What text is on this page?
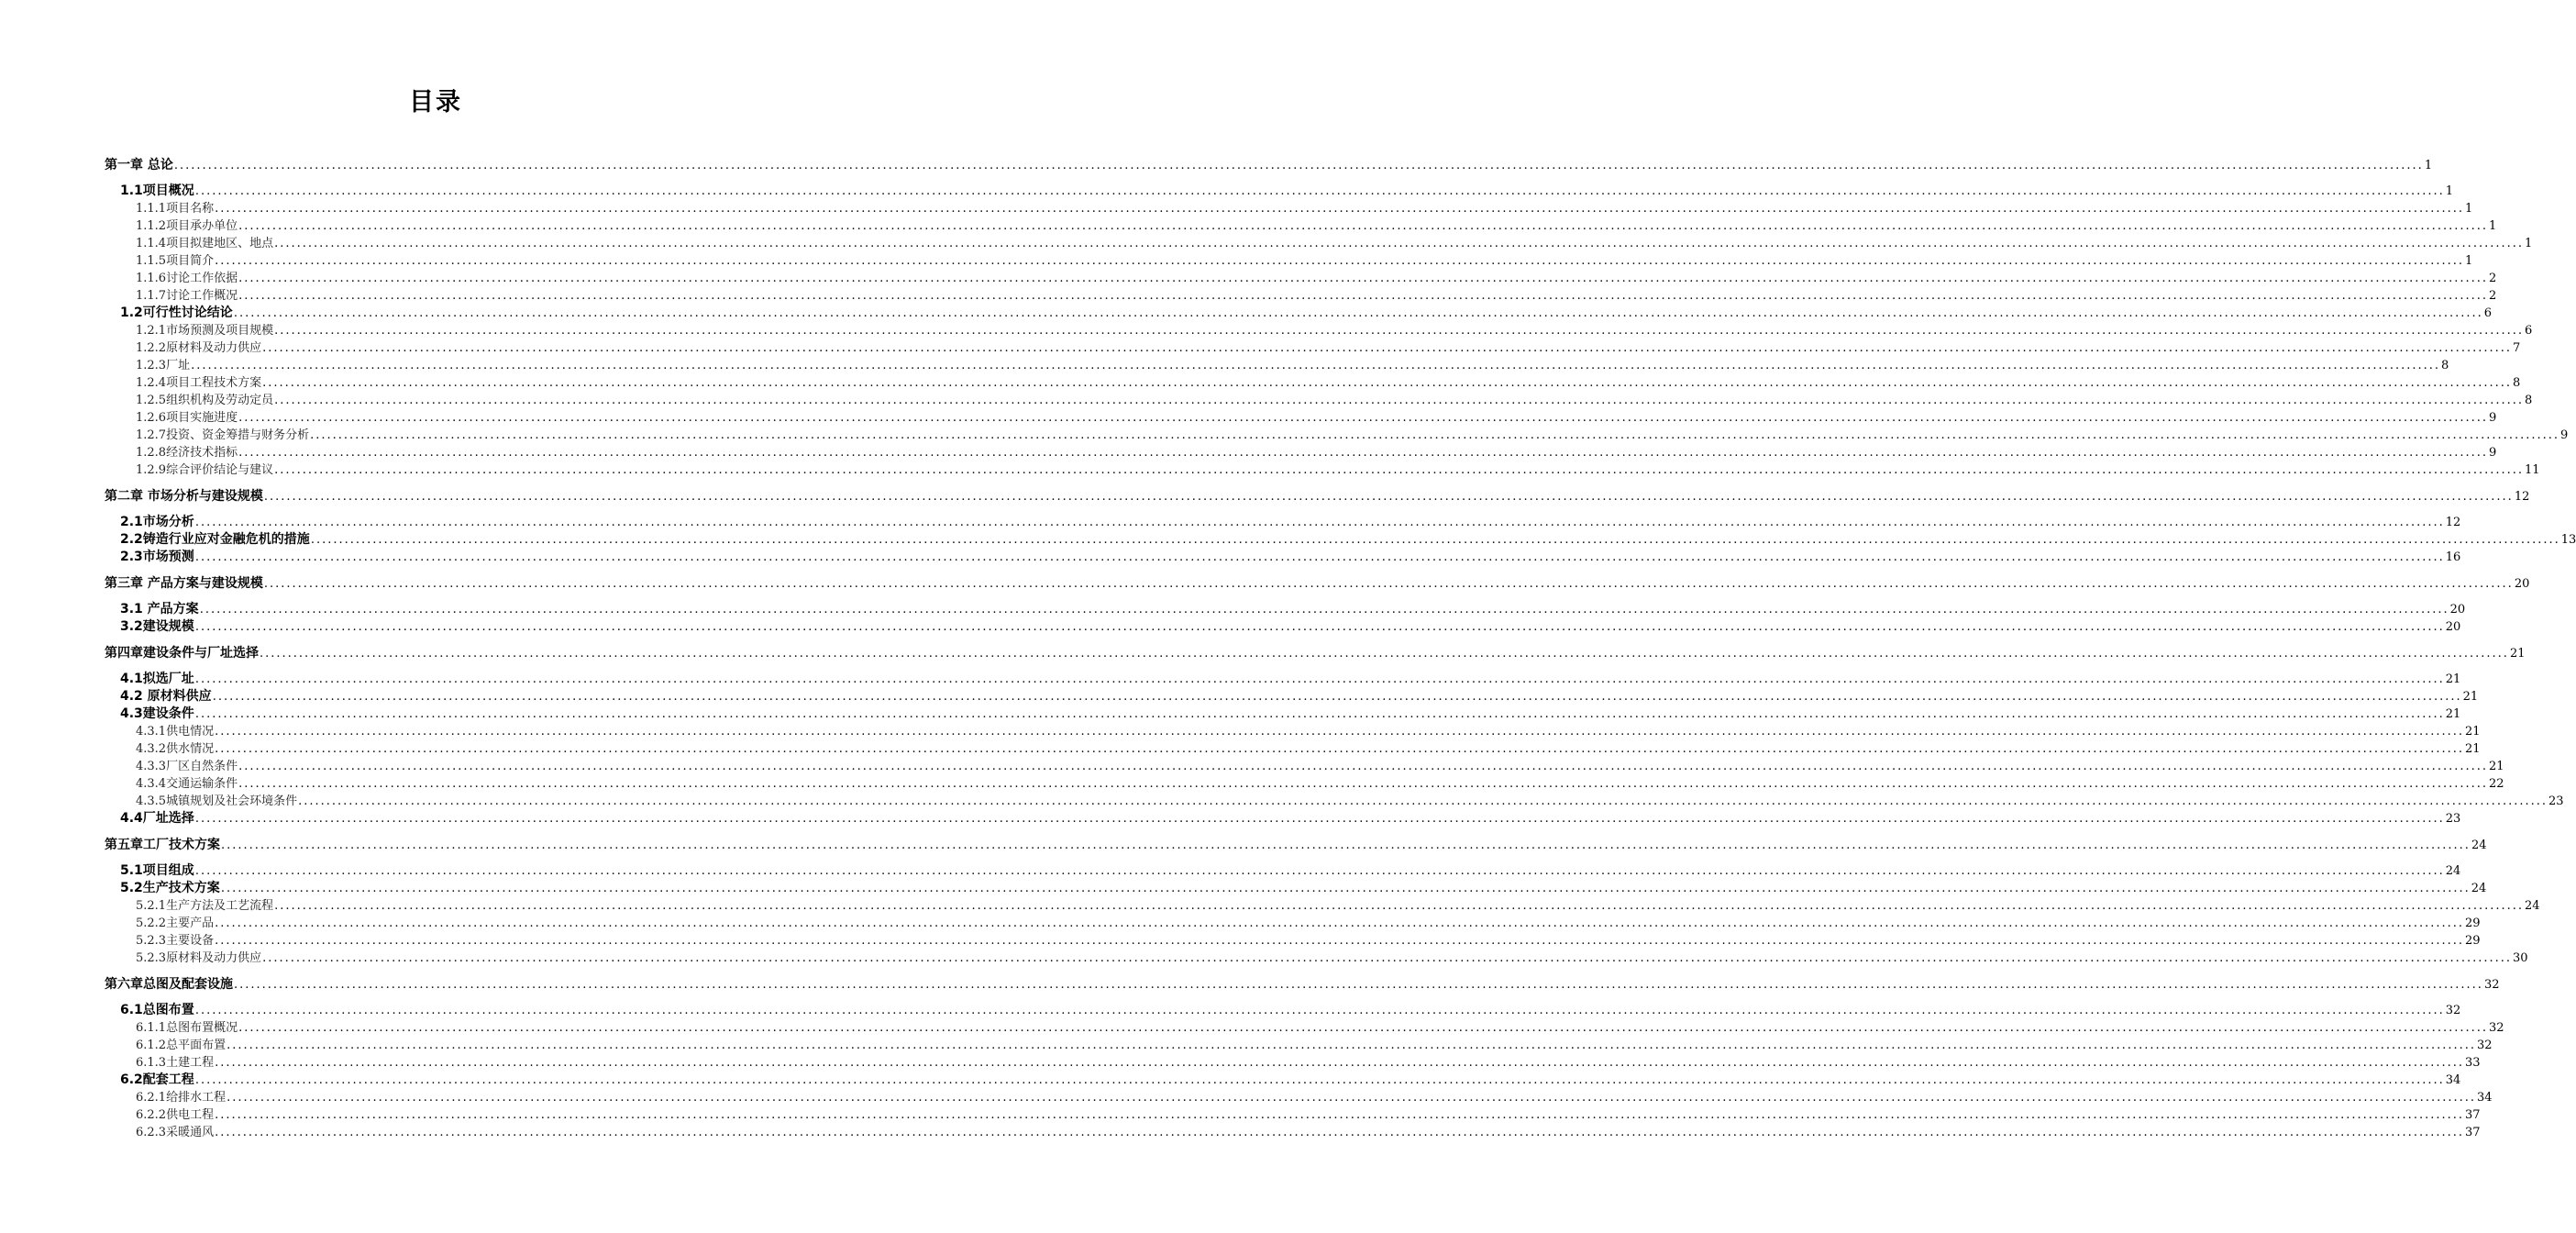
目录
第一章 总论 ................................................................................................................................................................................................................................................................................................................................................................................................................ 1
1.1项目概况 ................................................................................................................................................................................................................................................................................................................................................................................................................ 1
1.1.1项目名称 ................................................................................................................................................................................................................................................................................................................................................................................................................ 1
1.1.2项目承办单位 ................................................................................................................................................................................................................................................................................................................................................................................................................ 1
1.1.4项目拟建地区、地点 ................................................................................................................................................................................................................................................................................................................................................................................................................ 1
1.1.5项目简介 ................................................................................................................................................................................................................................................................................................................................................................................................................ 1
1.1.6讨论工作依据 ................................................................................................................................................................................................................................................................................................................................................................................................................ 2
1.1.7讨论工作概况 ................................................................................................................................................................................................................................................................................................................................................................................................................ 2
1.2可行性讨论结论 ................................................................................................................................................................................................................................................................................................................................................................................................................ 6
1.2.1市场预测及项目规模 ................................................................................................................................................................................................................................................................................................................................................................................................................ 6
1.2.2原材料及动力供应 ................................................................................................................................................................................................................................................................................................................................................................................................................ 7
1.2.3厂址 ................................................................................................................................................................................................................................................................................................................................................................................................................ 8
1.2.4项目工程技术方案 ................................................................................................................................................................................................................................................................................................................................................................................................................ 8
1.2.5组织机构及劳动定员 ................................................................................................................................................................................................................................................................................................................................................................................................................ 8
1.2.6项目实施进度 ................................................................................................................................................................................................................................................................................................................................................................................................................ 9
1.2.7投资、资金筹措与财务分析 ................................................................................................................................................................................................................................................................................................................................................................................................................ 9
1.2.8经济技术指标 ................................................................................................................................................................................................................................................................................................................................................................................................................ 9
1.2.9综合评价结论与建议 ................................................................................................................................................................................................................................................................................................................................................................................................................ 11
第二章 市场分析与建设规模 ................................................................................................................................................................................................................................................................................................................................................................................................................ 12
2.1市场分析 ................................................................................................................................................................................................................................................................................................................................................................................................................ 12
2.2铸造行业应对金融危机的措施 ................................................................................................................................................................................................................................................................................................................................................................................................................ 13
2.3市场预测 ................................................................................................................................................................................................................................................................................................................................................................................................................ 16
第三章 产品方案与建设规模 ................................................................................................................................................................................................................................................................................................................................................................................................................ 20
3.1 产品方案 ................................................................................................................................................................................................................................................................................................................................................................................................................ 20
3.2建设规模 ................................................................................................................................................................................................................................................................................................................................................................................................................ 20
第四章建设条件与厂址选择 ................................................................................................................................................................................................................................................................................................................................................................................................................ 21
4.1拟选厂址 ................................................................................................................................................................................................................................................................................................................................................................................................................ 21
4.2 原材料供应 ................................................................................................................................................................................................................................................................................................................................................................................................................ 21
4.3建设条件 ................................................................................................................................................................................................................................................................................................................................................................................................................ 21
4.3.1供电情况 ................................................................................................................................................................................................................................................................................................................................................................................................................ 21
4.3.2供水情况 ................................................................................................................................................................................................................................................................................................................................................................................................................ 21
4.3.3厂区自然条件 ................................................................................................................................................................................................................................................................................................................................................................................................................ 21
4.3.4交通运输条件 ................................................................................................................................................................................................................................................................................................................................................................................................................ 22
4.3.5城镇规划及社会环境条件 ................................................................................................................................................................................................................................................................................................................................................................................................................ 23
4.4厂址选择 ................................................................................................................................................................................................................................................................................................................................................................................................................ 23
第五章工厂技术方案 ................................................................................................................................................................................................................................................................................................................................................................................................................ 24
5.1项目组成 ................................................................................................................................................................................................................................................................................................................................................................................................................ 24
5.2生产技术方案 ................................................................................................................................................................................................................................................................................................................................................................................................................ 24
5.2.1生产方法及工艺流程 ................................................................................................................................................................................................................................................................................................................................................................................................................ 24
5.2.2主要产品 ................................................................................................................................................................................................................................................................................................................................................................................................................ 29
5.2.3主要设备 ................................................................................................................................................................................................................................................................................................................................................................................................................ 29
5.2.3原材料及动力供应 ................................................................................................................................................................................................................................................................................................................................................................................................................ 30
第六章总图及配套设施 ................................................................................................................................................................................................................................................................................................................................................................................................................ 32
6.1总图布置 ................................................................................................................................................................................................................................................................................................................................................................................................................ 32
6.1.1总图布置概况 ................................................................................................................................................................................................................................................................................................................................................................................................................ 32
6.1.2总平面布置 ................................................................................................................................................................................................................................................................................................................................................................................................................ 32
6.1.3土建工程 ................................................................................................................................................................................................................................................................................................................................................................................................................ 33
6.2配套工程 ................................................................................................................................................................................................................................................................................................................................................................................................................ 34
6.2.1给排水工程 ................................................................................................................................................................................................................................................................................................................................................................................................................ 34
6.2.2供电工程 ................................................................................................................................................................................................................................................................................................................................................................................................................ 37
6.2.3采暖通风 ................................................................................................................................................................................................................................................................................................................................................................................................................ 37
